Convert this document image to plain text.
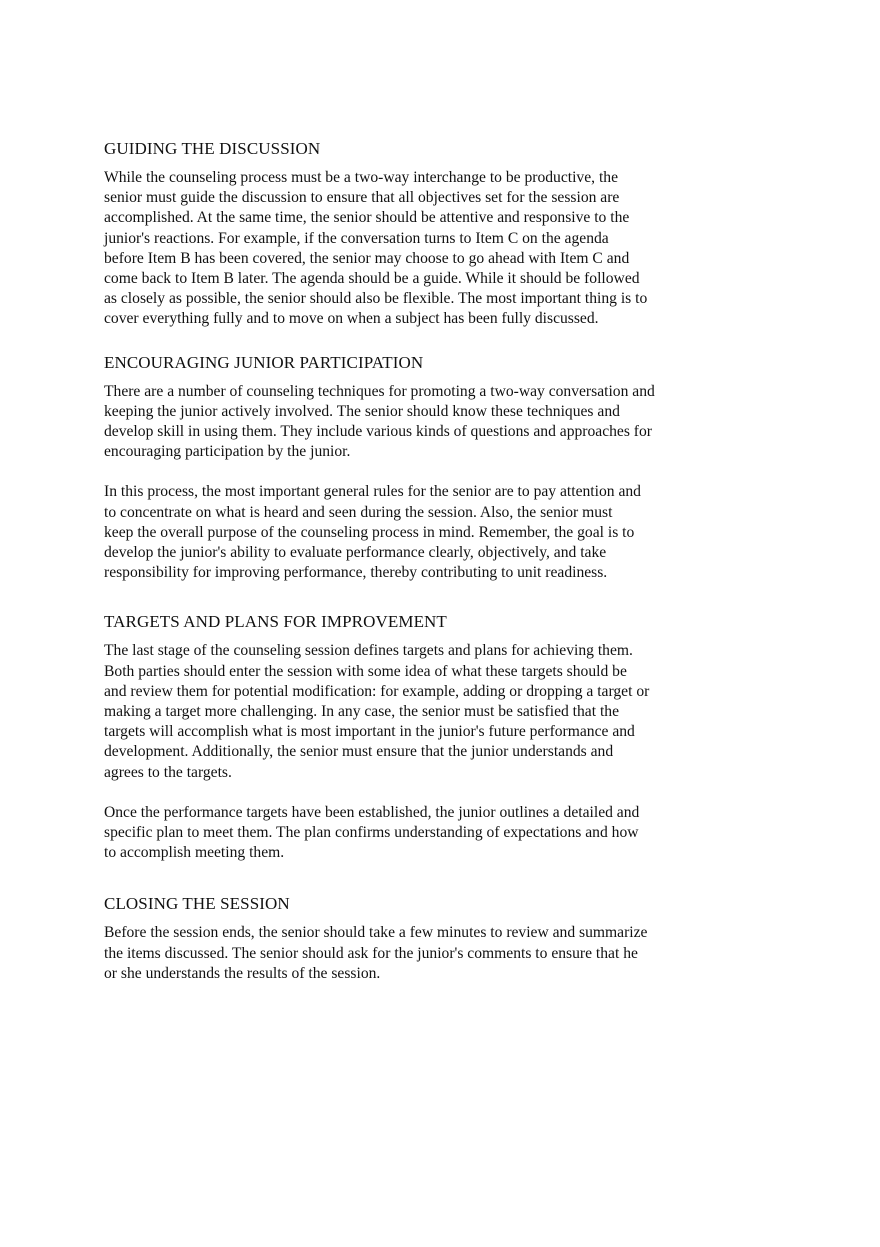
GUIDING THE DISCUSSION

While the counseling process must be a two-way interchange to be productive, the
senior must guide the discussion to ensure that all objectives set for the session are
accomplished. At the same time, the senior should be attentive and responsive to the
junior's reactions. For example, if the conversation turns to Item C on the agenda
before Item B has been covered, the senior may choose to go ahead with Item C and
come back to Item B later. The agenda should be a guide. While it should be followed
as closely as possible, the senior should also be flexible. The most important thing is to
cover everything fully and to move on when a subject has been fully discussed.

ENCOURAGING JUNIOR PARTICIPATION

There are a number of counseling techniques for promoting a two-way conversation and
keeping the junior actively involved. The senior should know these techniques and
develop skill in using them. They include various kinds of questions and approaches for
encouraging participation by the junior.

In this process, the most important general rules for the senior are to pay attention and
to concentrate on what is heard and seen during the session. Also, the senior must
keep the overall purpose of the counseling process in mind. Remember, the goal is to
develop the junior's ability to evaluate performance clearly, objectively, and take
responsibility for improving performance, thereby contributing to unit readiness.

TARGETS AND PLANS FOR IMPROVEMENT

The last stage of the counseling session defines targets and plans for achieving them.
Both parties should enter the session with some idea of what these targets should be
and review them for potential modification: for example, adding or dropping a target or
making a target more challenging. In any case, the senior must be satisfied that the
targets will accomplish what is most important in the junior's future performance and
development. Additionally, the senior must ensure that the junior understands and
agrees to the targets.

Once the performance targets have been established, the junior outlines a detailed and
specific plan to meet them. The plan confirms understanding of expectations and how
to accomplish meeting them.

CLOSING THE SESSION

Before the session ends, the senior should take a few minutes to review and summarize
the items discussed. The senior should ask for the junior's comments to ensure that he
or she understands the results of the session.
